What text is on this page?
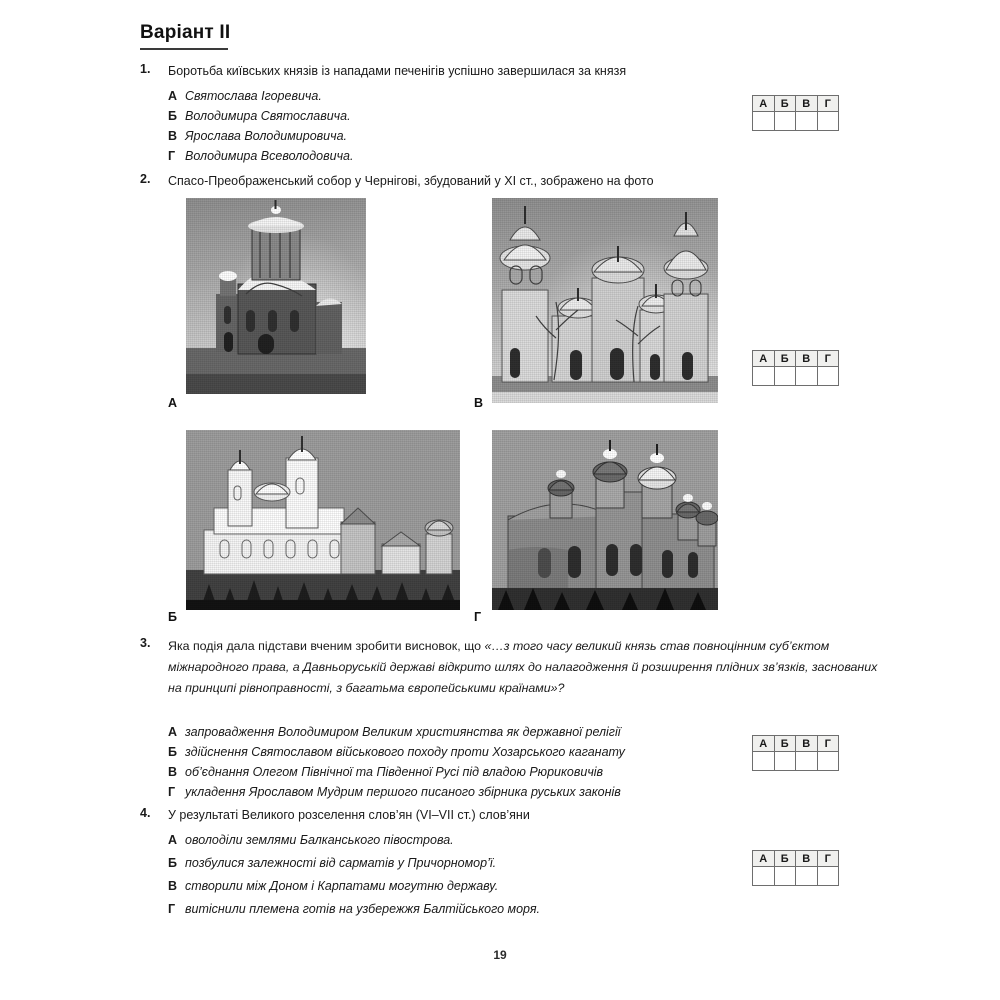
Варіант ІІ
1.	Боротьба київських князів із нападами печенігів успішно завершилася за князя
А Святослава Ігоревича.
Б Володимира Святославича.
В Ярослава Володимировича.
Г Володимира Всеволодовича.
А	Б	В	Г

2.	Спасо-Преображенський собор у Чернігові, збудований у ХІ ст., зображено на фото
А	В
Б	Г
А	Б	В	Г

3.	Яка подія дала підстави вченим зробити висновок, що «…з того часу великий князь став повноцінним суб’єктом міжнародного права, а Давньоруській державі відкрито шлях до налагодження й розширення плідних зв’язків, заснованих на принципі рівноправності, з багатьма європейськими країнами»?
А запровадження Володимиром Великим християнства як державної релігії
Б здійснення Святославом військового походу проти Хозарського каганату
В об’єднання Олегом Північної та Південної Русі під владою Рюриковичів
Г укладення Ярославом Мудрим першого писаного збірника руських законів
А	Б	В	Г

4.	У результаті Великого розселення слов’ян (VI–VII ст.) слов’яни
А оволоділи землями Балканського півострова.
Б позбулися залежності від сарматів у Причорномор’ї.
В створили між Доном і Карпатами могутню державу.
Г витіснили племена готів на узбережжя Балтійського моря.
А	Б	В	Г

19
